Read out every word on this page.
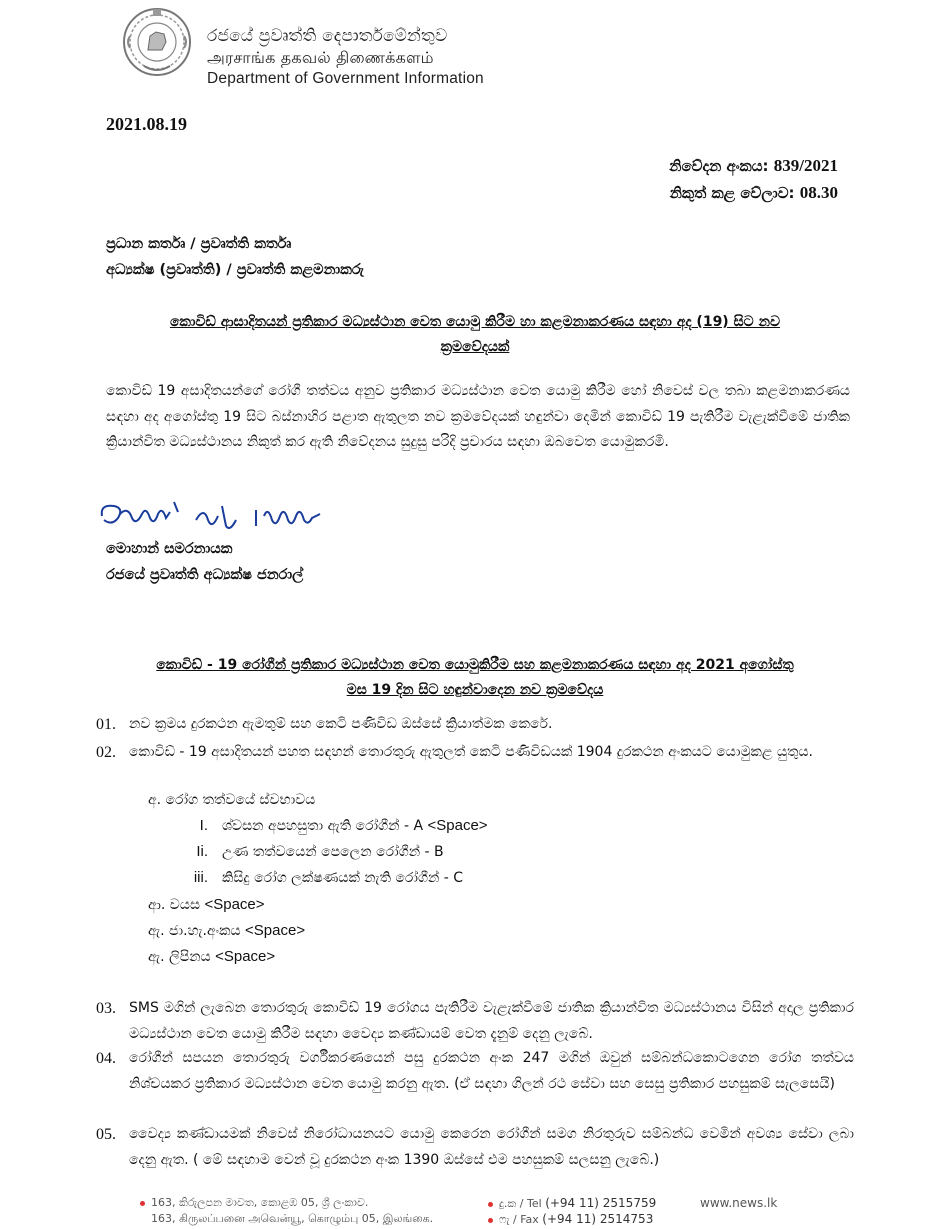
රජයේ ප්‍රවෘත්ති දෙපාර්තමේන්තුව
அரசாங்க தகவல் திணைக்களம்
Department of Government Information
2021.08.19
නිවේදන අංකය: 839/2021
නිකුත් කළ වේලාව: 08.30
ප්‍රධාන කර්තෘ / ප්‍රවෘත්ති කර්තෘ
අධ්‍යක්ෂ (ප්‍රවෘත්ති) / ප්‍රවෘත්ති කළමනාකරු
කොවිඩ් ආසාදිතයන් ප්‍රතිකාර මධ්‍යස්ථාන වෙත යොමු කිරීම හා කළමනාකරණය සඳහා අද (19) සිට නව
ක්‍රමවේදයක්
කොවිඩ් 19 අසාදිතයන්ගේ රෝගී තත්වය අනුව ප්‍රතිකාර මධ්‍යස්ථාන වෙත යොමු කිරීම හෝ නිවෙස් වල තබා කළමනාකරණය සඳහා අද අගෝස්තු 19 සිට බස්නාහිර පළාත ඇතුලත නව ක්‍රමවේදයක් හඳුන්වා දෙමින් කොවිඩ් 19 පැතිරීම වැළැක්වීමේ ජාතික ක්‍රියාන්විත මධ්‍යස්ථානය නිකුත් කර ඇති නිවේදනය සුදුසු පරිදි ප්‍රචාරය සඳහා ඔබවෙත යොමුකරමි.
මොහාන් සමරනායක
රජයේ ප්‍රවෘත්ති අධ්‍යක්ෂ ජනරාල්
කොවිඩ් - 19 රෝගීන් ප්‍රතිකාර මධ්‍යස්ථාන වෙත යොමුකිරීම සහ කළමනාකරණය සඳහා අද 2021 අගෝස්තු
මස 19 දින සිට හඳුන්වාදෙන නව ක්‍රමවේදය
01. නව ක්‍රමය දුරකථන ඇමතුම් සහ කෙටි පණිවිඩ ඔස්සේ ක්‍රියාත්මක කෙරේ.
02. කොවිඩ් - 19 අසාදිතයන් පහත සඳහන් තොරතුරු ඇතුලත් කෙටි පණිවිඩයක් 1904 දුරකථන අංකයට යොමුකළ යුතුය.
අ. රෝග තත්වයේ ස්වභාවය
I. ශ්වසන අපහසුතා ඇති රෝගීන් - A <Space>
Ii. උණ තත්වයෙන් පෙලෙන රෝගීන් - B
iii. කිසිදු රෝග ලක්ෂණයක් නැති රෝගීන් - C
ආ. වයස <Space>
ඇ. ජා.හැ.අංකය <Space>
ඇ. ලිපිනය <Space>
03. SMS මගින් ලැබෙන තොරතුරු කොවිඩ් 19 රෝගය පැතිරීම වැළැක්වීමේ ජාතික ක්‍රියාන්විත මධ්‍යස්ථානය විසින් අදාල ප්‍රතිකාර මධ්‍යස්ථාන වෙත යොමු කිරීම සඳහා වෛද්‍ය කණ්ඩායම් වෙත දැනුම් දෙනු ලැබේ.
04. රෝගීන් සපයන තොරතුරු වර්ගීකරණයෙන් පසු දුරකථන අංක 247 මගින් ඔවුන් සම්බන්ධකොටගෙන රෝග තත්වය නිශ්චයකර ප්‍රතිකාර මධ්‍යස්ථාන වෙත යොමු කරනු ඇත. (ඒ සඳහා ගිලන් රථ සේවා සහ සෙසු ප්‍රතිකාර පහසුකම් සැලසෙයි)
05. වෛද්‍ය කණ්ඩායමක් නිවෙස් නිරෝධායනයට යොමු කෙරෙන රෝගීන් සමග නිරතුරුව සම්බන්ධ වෙමින් අවශ්‍ය සේවා ලබා දෙනු ඇත. ( මේ සඳහාම වෙන් වූ දුරකථන අංක 1390 ඔස්සේ එම පහසුකම් සලසනු ලැබේ.)
163, කිරුලපන මාවත, කොළඹ 05, ශ්‍රී ලංකාව.
163, கிருலப்பனை அவென்யூ, கொழும்பு 05, இலங்கை.
දු.ක / Tel (+94 11) 2515759
ෆැ / Fax (+94 11) 2514753
www.news.lk
